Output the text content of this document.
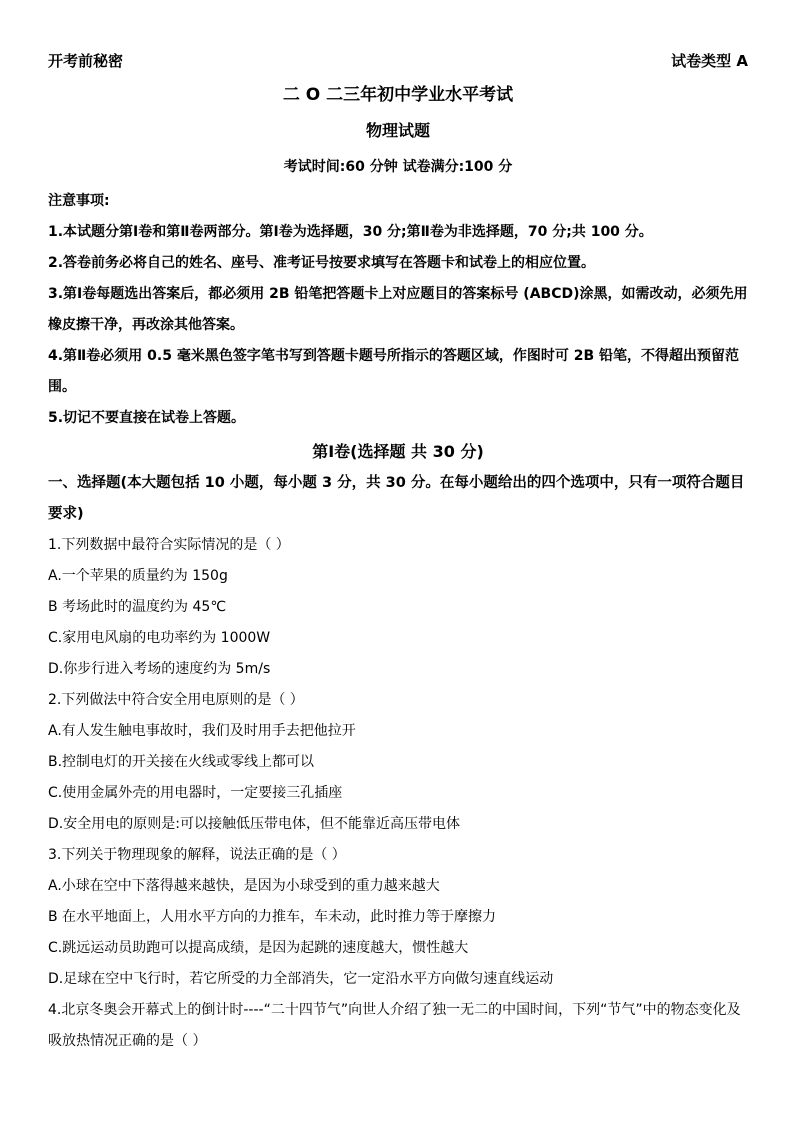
开考前秘密	试卷类型 A
二 O 二三年初中学业水平考试
物理试题
考试时间:60 分钟 试卷满分:100 分

注意事项:

1.本试题分第Ⅰ卷和第Ⅱ卷两部分。第Ⅰ卷为选择题，30 分;第Ⅱ卷为非选择题，70 分;共 100 分。

2.答卷前务必将自己的姓名、座号、准考证号按要求填写在答题卡和试卷上的相应位置。

3.第Ⅰ卷每题选出答案后，都必须用 2B 铅笔把答题卡上对应题目的答案标号 (ABCD)涂黑，如需改动，必须先用橡皮擦干净，再改涂其他答案。

4.第Ⅱ卷必须用 0.5 毫米黑色签字笔书写到答题卡题号所指示的答题区域，作图时可 2B 铅笔，不得超出预留范围。

5.切记不要直接在试卷上答题。

第Ⅰ卷(选择题 共 30 分)

一、选择题(本大题包括 10 小题，每小题 3 分，共 30 分。在每小题给出的四个选项中，只有一项符合题目要求)

1.下列数据中最符合实际情况的是（ ）

A.一个苹果的质量约为 150g

B 考场此时的温度约为 45℃

C.家用电风扇的电功率约为 1000W

D.你步行进入考场的速度约为 5m/s

2.下列做法中符合安全用电原则的是（ ）

A.有人发生触电事故时，我们及时用手去把他拉开

B.控制电灯的开关接在火线或零线上都可以

C.使用金属外壳的用电器时，一定要接三孔插座

D.安全用电的原则是:可以接触低压带电体，但不能靠近高压带电体

3.下列关于物理现象的解释，说法正确的是（ ）

A.小球在空中下落得越来越快，是因为小球受到的重力越来越大

B 在水平地面上，人用水平方向的力推车，车未动，此时推力等于摩擦力

C.跳远运动员助跑可以提高成绩，是因为起跳的速度越大，惯性越大

D.足球在空中飞行时，若它所受的力全部消失，它一定沿水平方向做匀速直线运动

4.北京冬奥会开幕式上的倒计时----“二十四节气”向世人介绍了独一无二的中国时间，下列“节气”中的物态变化及吸放热情况正确的是（ ）
